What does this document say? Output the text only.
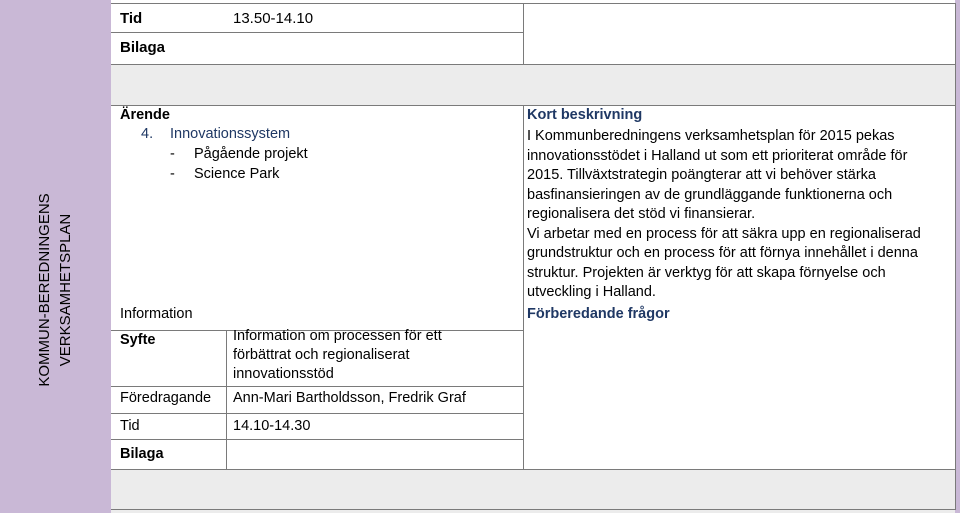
KOMMUN-BEREDNINGENS VERKSAMHETSPLAN
Tid	13.50-14.10
Bilaga
Ärende
4. Innovationssystem
- Pågående projekt
- Science Park
Information
Syfte	Information om processen för ett
förbättrat och regionaliserat
innovationsstöd
Föredragande Ann-Mari Bartholdsson, Fredrik Graf
Tid	14.10-14.30
Bilaga
Kort beskrivning

I Kommunberedningens verksamhetsplan för 2015 pekas

innovationsstödet i Halland ut som ett prioriterat område för

2015. Tillväxtstrategin poängterar att vi behöver stärka

basfinansieringen av de grundläggande funktionerna och

regionalisera det stöd vi finansierar.

Vi arbetar med en process för att säkra upp en regionaliserad

grundstruktur och en process för att förnya innehållet i denna

struktur. Projekten är verktyg för att skapa förnyelse och

utveckling i Halland.

Förberedande frågor
